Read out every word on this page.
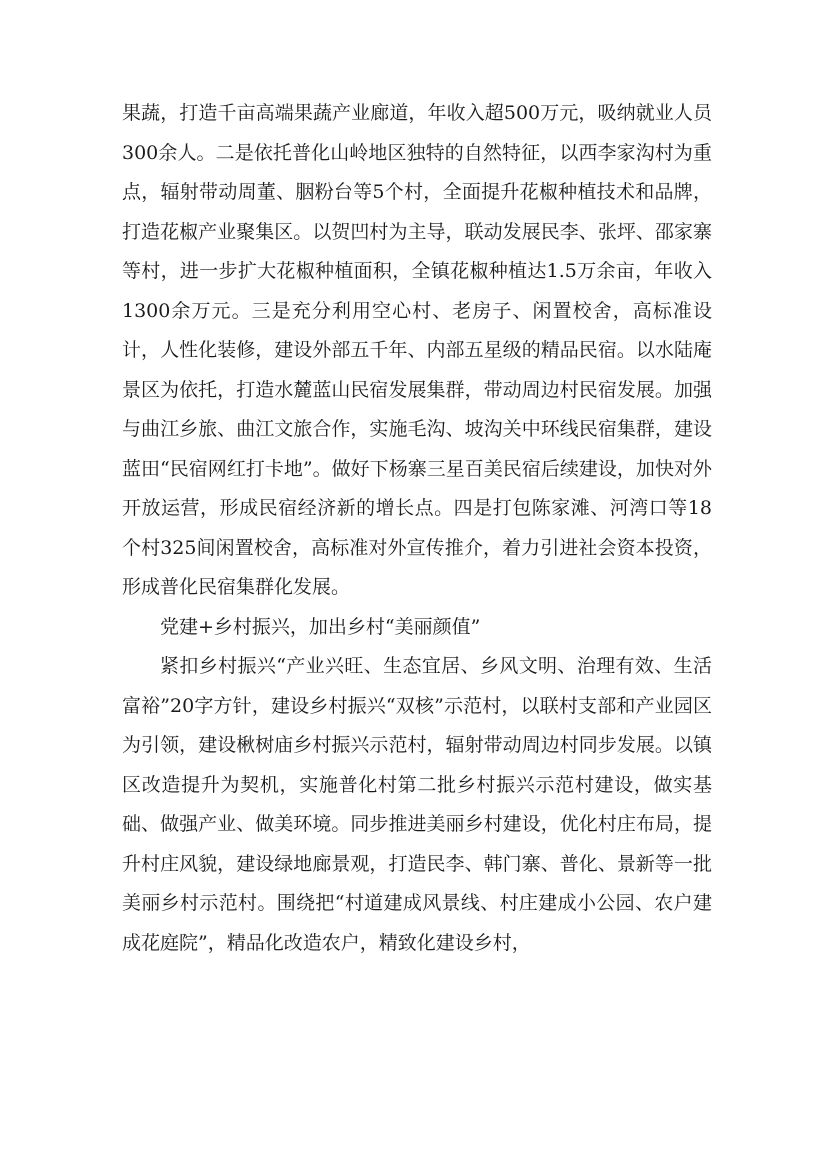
果蔬，打造千亩高端果蔬产业廊道，年收入超500万元，吸纳就业人员300余人。二是依托普化山岭地区独特的自然特征，以西李家沟村为重点，辐射带动周董、胭粉台等5个村，全面提升花椒种植技术和品牌，打造花椒产业聚集区。以贺凹村为主导，联动发展民李、张坪、邵家寨等村，进一步扩大花椒种植面积，全镇花椒种植达1.5万余亩，年收入1300余万元。三是充分利用空心村、老房子、闲置校舍，高标准设计，人性化装修，建设外部五千年、内部五星级的精品民宿。以水陆庵景区为依托，打造水麓蓝山民宿发展集群，带动周边村民宿发展。加强与曲江乡旅、曲江文旅合作，实施毛沟、坡沟关中环线民宿集群，建设蓝田“民宿网红打卡地”。做好下杨寨三星百美民宿后续建设，加快对外开放运营，形成民宿经济新的增长点。四是打包陈家滩、河湾口等18个村325间闲置校舍，高标准对外宣传推介，着力引进社会资本投资，形成普化民宿集群化发展。

党建+乡村振兴，加出乡村“美丽颜值”

紧扣乡村振兴“产业兴旺、生态宜居、乡风文明、治理有效、生活富裕”20字方针，建设乡村振兴“双核”示范村，以联村支部和产业园区为引领，建设楸树庙乡村振兴示范村，辐射带动周边村同步发展。以镇区改造提升为契机，实施普化村第二批乡村振兴示范村建设，做实基础、做强产业、做美环境。同步推进美丽乡村建设，优化村庄布局，提升村庄风貌，建设绿地廊景观，打造民李、韩门寨、普化、景新等一批美丽乡村示范村。围绕把“村道建成风景线、村庄建成小公园、农户建成花庭院”，精品化改造农户，精致化建设乡村，
